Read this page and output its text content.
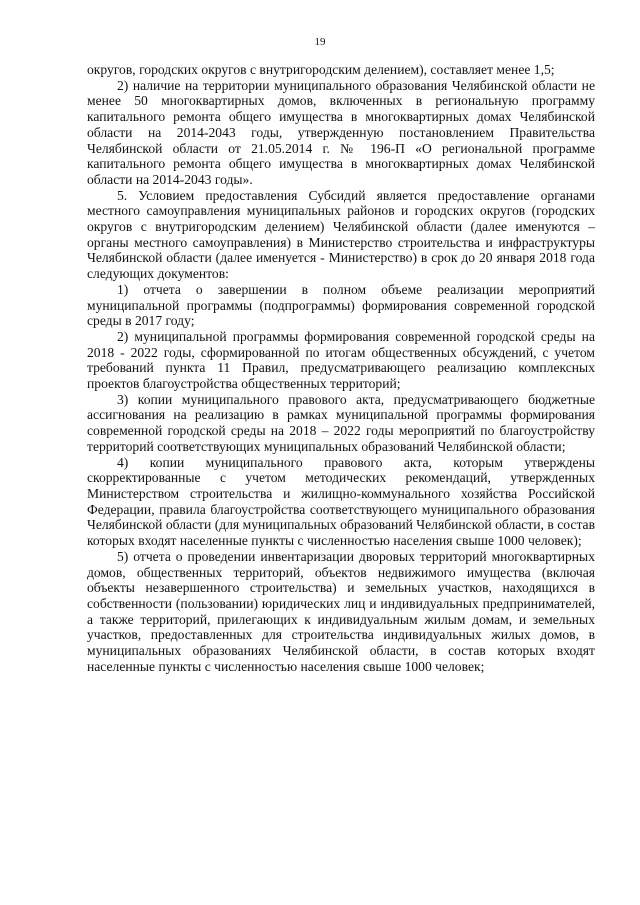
19

округов, городских округов с внутригородским делением), составляет менее 1,5;

2) наличие на территории муниципального образования Челябинской области не менее 50 многоквартирных домов, включенных в региональную программу капитального ремонта общего имущества в многоквартирных домах Челябинской области на 2014-2043 годы, утвержденную постановлением Правительства Челябинской области от 21.05.2014 г. № 196-П «О региональной программе капитального ремонта общего имущества в многоквартирных домах Челябинской области на 2014-2043 годы».

5. Условием предоставления Субсидий является предоставление органами местного самоуправления муниципальных районов и городских округов (городских округов с внутригородским делением) Челябинской области (далее именуются – органы местного самоуправления) в Министерство строительства и инфраструктуры Челябинской области (далее именуется - Министерство) в срок до 20 января 2018 года следующих документов:

1) отчета о завершении в полном объеме реализации мероприятий муниципальной программы (подпрограммы) формирования современной городской среды в 2017 году;

2) муниципальной программы формирования современной городской среды на 2018 - 2022 годы, сформированной по итогам общественных обсуждений, с учетом требований пункта 11 Правил, предусматривающего реализацию комплексных проектов благоустройства общественных территорий;

3) копии муниципального правового акта, предусматривающего бюджетные ассигнования на реализацию в рамках муниципальной программы формирования современной городской среды на 2018 – 2022 годы мероприятий по благоустройству территорий соответствующих муниципальных образований Челябинской области;

4) копии муниципального правового акта, которым утверждены скорректированные с учетом методических рекомендаций, утвержденных Министерством строительства и жилищно-коммунального хозяйства Российской Федерации, правила благоустройства соответствующего муниципального образования Челябинской области (для муниципальных образований Челябинской области, в состав которых входят населенные пункты с численностью населения свыше 1000 человек);

5) отчета о проведении инвентаризации дворовых территорий многоквартирных домов, общественных территорий, объектов недвижимого имущества (включая объекты незавершенного строительства) и земельных участков, находящихся в собственности (пользовании) юридических лиц и индивидуальных предпринимателей, а также территорий, прилегающих к индивидуальным жилым домам, и земельных участков, предоставленных для строительства индивидуальных жилых домов, в муниципальных образованиях Челябинской области, в состав которых входят населенные пункты с численностью населения свыше 1000 человек;
